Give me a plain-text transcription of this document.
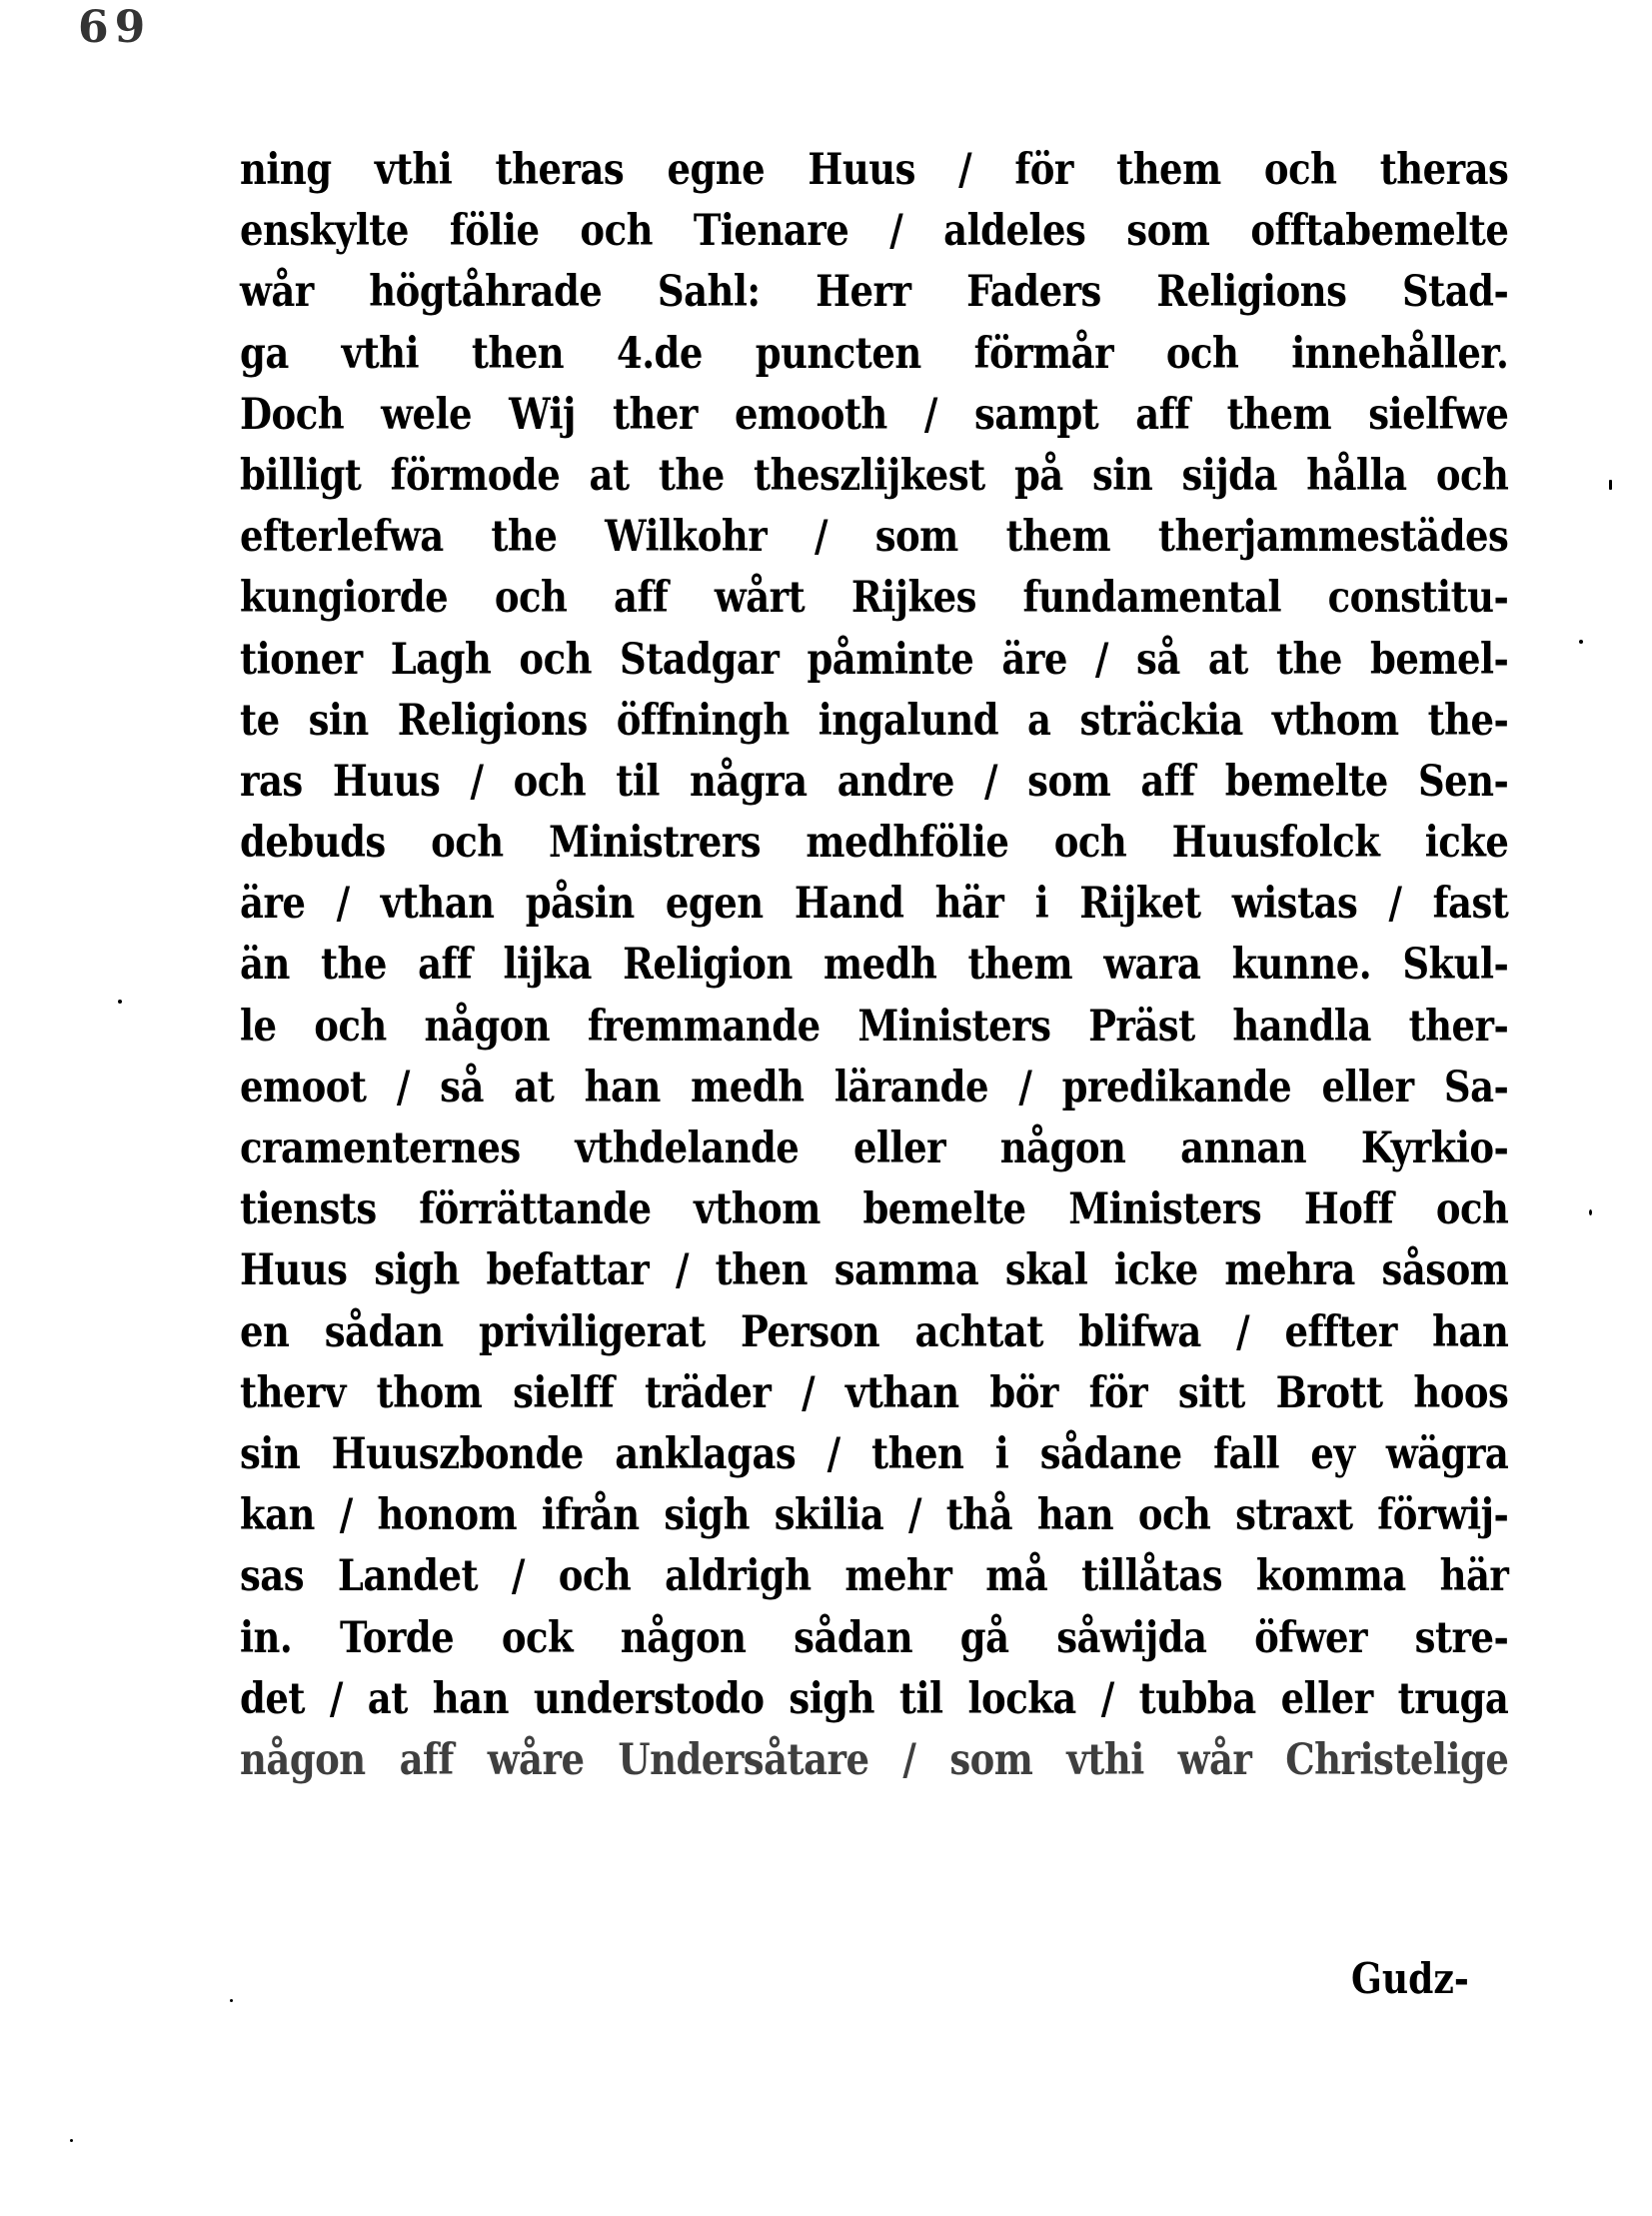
69
ning vthi theras egne Huus / för them och theras
enskylte fölie och Tienare / aldeles som offtabemelte
wår högtåhrade Sahl: Herr Faders Religions Stad-
ga vthi then 4.de puncten förmår och innehåller.
Doch wele Wij ther emooth / sampt aff them sielfwe
billigt förmode at the theszlijkest på sin sijda hålla och
efterlefwa the Wilkohr / som them therjammestädes
kungiorde och aff wårt Rijkes fundamental constitu-
tioner Lagh och Stadgar påminte äre / så at the bemel-
te sin Religions öffningh ingalund a sträckia vthom the-
ras Huus / och til några andre / som aff bemelte Sen-
debuds och Ministrers medhfölie och Huusfolck icke
äre / vthan påsin egen Hand här i Rijket wistas / fast
än the aff lijka Religion medh them wara kunne. Skul-
le och någon fremmande Ministers Präst handla ther-
emoot / så at han medh lärande / predikande eller Sa-
cramenternes vthdelande eller någon annan Kyrkio-
tiensts förrättande vthom bemelte Ministers Hoff och
Huus sigh befattar / then samma skal icke mehra såsom
en sådan priviligerat Person achtat blifwa / effter han
therv thom sielff träder / vthan bör för sitt Brott hoos
sin Huuszbonde anklagas / then i sådane fall ey wägra
kan / honom ifrån sigh skilia / thå han och straxt förwij-
sas Landet / och aldrigh mehr må tillåtas komma här
in. Torde ock någon sådan gå såwijda öfwer stre-
det / at han understodo sigh til locka / tubba eller truga
någon aff wåre Undersåtare / som vthi wår Christelige
Gudz-
